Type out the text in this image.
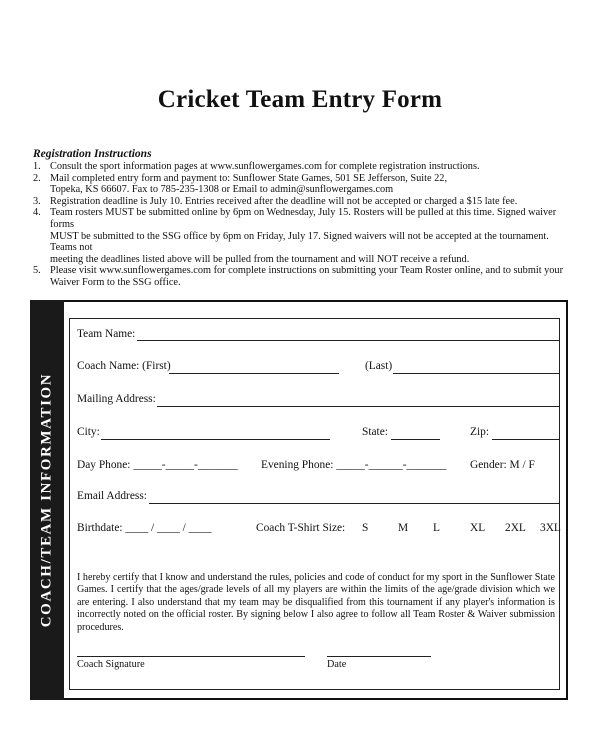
Cricket Team Entry Form
Registration Instructions
1. Consult the sport information pages at www.sunflowergames.com for complete registration instructions.
2. Mail completed entry form and payment to: Sunflower State Games, 501 SE Jefferson, Suite 22,
Topeka, KS 66607. Fax to 785-235-1308 or Email to admin@sunflowergames.com
3. Registration deadline is July 10. Entries received after the deadline will not be accepted or charged a $15 late fee.
4. Team rosters MUST be submitted online by 6pm on Wednesday, July 15. Rosters will be pulled at this time. Signed waiver forms
MUST be submitted to the SSG office by 6pm on Friday, July 17. Signed waivers will not be accepted at the tournament. Teams not
meeting the deadlines listed above will be pulled from the tournament and will NOT receive a refund.
5. Please visit www.sunflowergames.com for complete instructions on submitting your Team Roster online, and to submit your
Waiver Form to the SSG office.
COACH/TEAM INFORMATION
Team Name:
Coach Name: (First)	(Last)
Mailing Address:
City:	State:	Zip:
Day Phone: _____-_____-_______ Evening Phone: _____-______-_______ Gender: M / F
Email Address:
Birthdate: ____ / ____ / ____	Coach T-Shirt Size: S	M L	XL 2XL 3XL
I hereby certify that I know and understand the rules, policies and code of conduct for my sport in the Sunflower State Games. I certify that the ages/grade levels of all my players are within the limits of the age/grade division which we are entering. I also understand that my team may be disqualified from this tournament if any player's information is incorrectly noted on the official roster. By signing below I also agree to follow all Team Roster & Waiver submission procedures.
Coach Signature	Date
